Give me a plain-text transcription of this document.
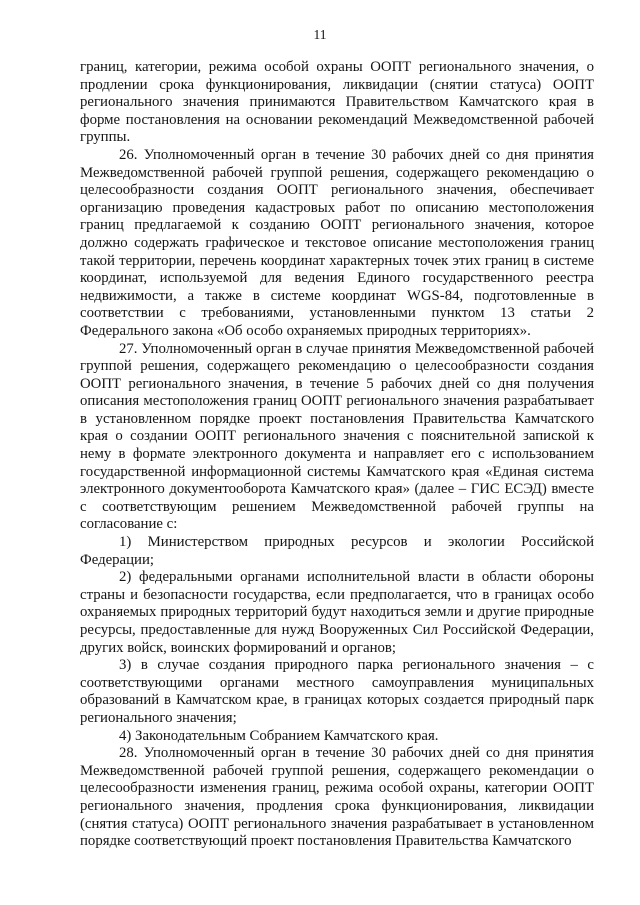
11

границ, категории, режима особой охраны ООПТ регионального значения, о продлении срока функционирования, ликвидации (снятии статуса) ООПТ регионального значения принимаются Правительством Камчатского края в форме постановления на основании рекомендаций Межведомственной рабочей группы.

26. Уполномоченный орган в течение 30 рабочих дней со дня принятия Межведомственной рабочей группой решения, содержащего рекомендацию о целесообразности создания ООПТ регионального значения, обеспечивает организацию проведения кадастровых работ по описанию местоположения границ предлагаемой к созданию ООПТ регионального значения, которое должно содержать графическое и текстовое описание местоположения границ такой территории, перечень координат характерных точек этих границ в системе координат, используемой для ведения Единого государственного реестра недвижимости, а также в системе координат WGS-84, подготовленные в соответствии с требованиями, установленными пунктом 13 статьи 2 Федерального закона «Об особо охраняемых природных территориях».

27. Уполномоченный орган в случае принятия Межведомственной рабочей группой решения, содержащего рекомендацию о целесообразности создания ООПТ регионального значения, в течение 5 рабочих дней со дня получения описания местоположения границ ООПТ регионального значения разрабатывает в установленном порядке проект постановления Правительства Камчатского края о создании ООПТ регионального значения с пояснительной запиской к нему в формате электронного документа и направляет его с использованием государственной информационной системы Камчатского края «Единая система электронного документооборота Камчатского края» (далее – ГИС ЕСЭД) вместе с соответствующим решением Межведомственной рабочей группы на согласование с:

1) Министерством природных ресурсов и экологии Российской Федерации;

2) федеральными органами исполнительной власти в области обороны страны и безопасности государства, если предполагается, что в границах особо охраняемых природных территорий будут находиться земли и другие природные ресурсы, предоставленные для нужд Вооруженных Сил Российской Федерации, других войск, воинских формирований и органов;

3) в случае создания природного парка регионального значения – с соответствующими органами местного самоуправления муниципальных образований в Камчатском крае, в границах которых создается природный парк регионального значения;

4) Законодательным Собранием Камчатского края.

28. Уполномоченный орган в течение 30 рабочих дней со дня принятия Межведомственной рабочей группой решения, содержащего рекомендации о целесообразности изменения границ, режима особой охраны, категории ООПТ регионального значения, продления срока функционирования, ликвидации (снятия статуса) ООПТ регионального значения разрабатывает в установленном порядке соответствующий проект постановления Правительства Камчатского
